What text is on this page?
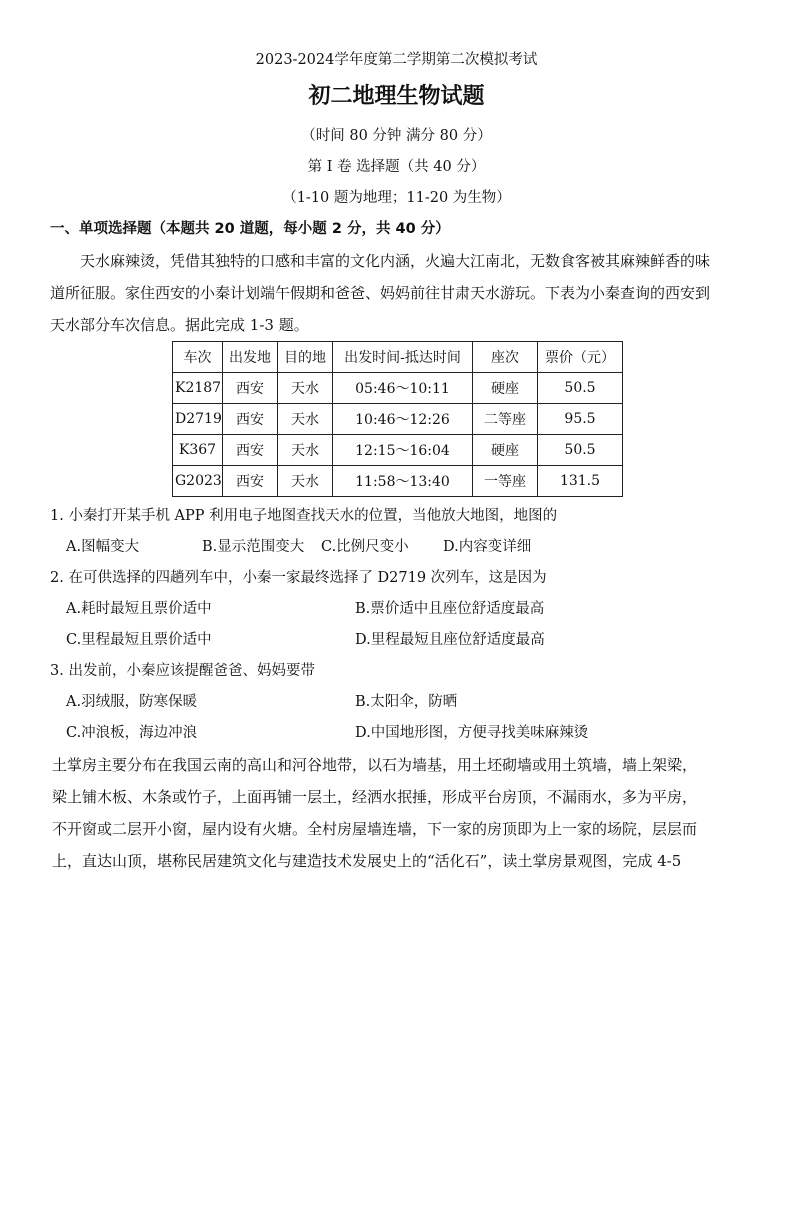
2023-2024学年度第二学期第二次模拟考试
初二地理生物试题
（时间 80 分钟 满分 80 分）
第 I 卷 选择题（共 40 分）
（1-10 题为地理；11-20 为生物）
一、单项选择题（本题共 20 道题，每小题 2 分，共 40 分）
天水麻辣烫，凭借其独特的口感和丰富的文化内涵，火遍大江南北，无数食客被其麻辣鲜香的味
道所征服。家住西安的小秦计划端午假期和爸爸、妈妈前往甘肃天水游玩。下表为小秦查询的西安到
天水部分车次信息。据此完成 1-3 题。
车次	出发地	目的地	出发时间-抵达时间	座次	票价（元）
K2187	西安	天水	05:46～10:11	硬座	50.5
D2719	西安	天水	10:46～12:26	二等座	95.5
K367	西安	天水	12:15～16:04	硬座	50.5
G2023	西安	天水	11:58～13:40	一等座	131.5
1. 小秦打开某手机 APP 利用电子地图查找天水的位置，当他放大地图，地图的
A.图幅变大	B.显示范围变大 C.比例尺变小 D.内容变详细
2. 在可供选择的四趟列车中，小秦一家最终选择了 D2719 次列车，这是因为
A.耗时最短且票价适中	B.票价适中且座位舒适度最高
C.里程最短且票价适中	D.里程最短且座位舒适度最高
3. 出发前，小秦应该提醒爸爸、妈妈要带
A.羽绒服，防寒保暖	B.太阳伞，防晒
C.冲浪板，海边冲浪	D.中国地形图，方便寻找美味麻辣烫
土掌房主要分布在我国云南的高山和河谷地带，以石为墙基，用土坯砌墙或用土筑墙，墙上架梁，
梁上铺木板、木条或竹子，上面再铺一层土，经洒水抿捶，形成平台房顶，不漏雨水，多为平房，
不开窗或二层开小窗，屋内设有火塘。全村房屋墙连墙，下一家的房顶即为上一家的场院，层层而
上，直达山顶，堪称民居建筑文化与建造技术发展史上的“活化石”，读土掌房景观图，完成 4-5
